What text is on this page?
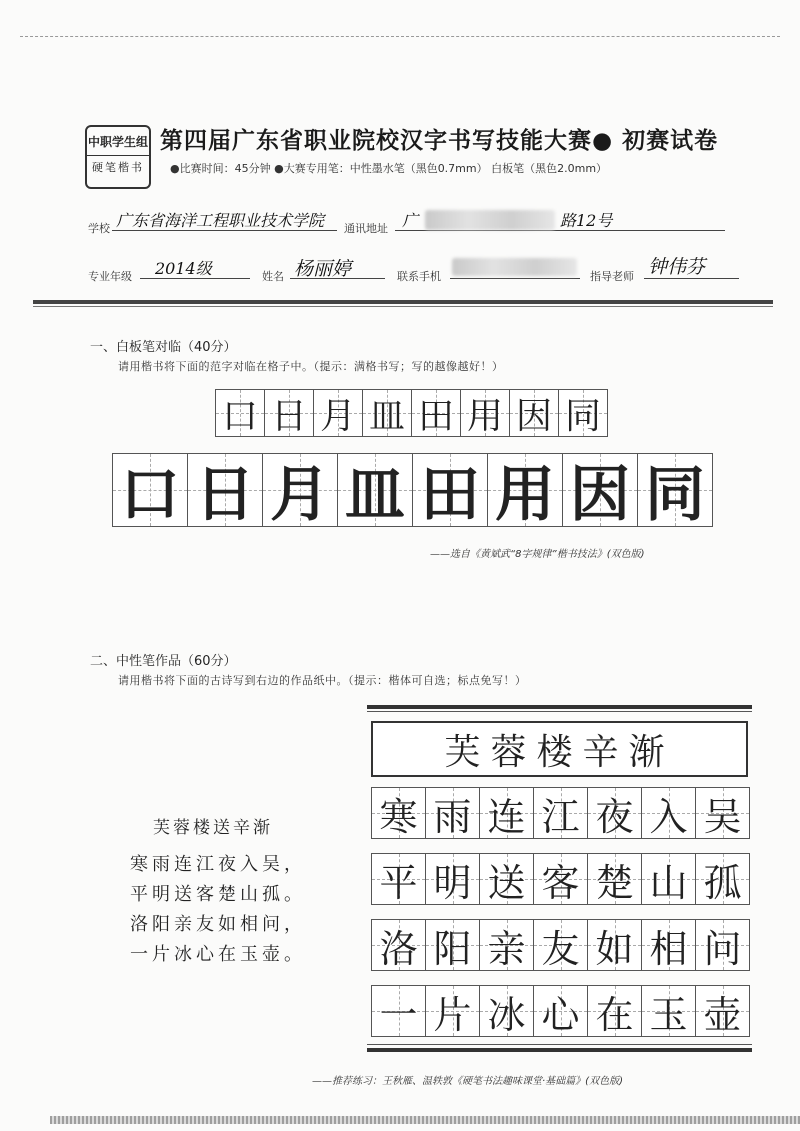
中职学生组
硬笔楷书
第四届广东省职业院校汉字书写技能大赛● 初赛试卷
●比赛时间：45分钟 ●大赛专用笔：中性墨水笔（黑色0.7mm） 白板笔（黑色2.0mm）
学校 广东省海洋工程职业技术学院 通讯地址 广	路12号
专业年级 2014级	姓名 杨丽婷	联系手机	指导老师 钟伟芬
一、白板笔对临（40分）
请用楷书将下面的范字对临在格子中。（提示：满格书写；写的越像越好！）
口 日 月 皿 田 用 因 同
口 日 月 皿 田 用 因 同
——选自《黄斌武“8字规律”楷书技法》(双色版)
二、中性笔作品（60分）
请用楷书将下面的古诗写到右边的作品纸中。（提示：楷体可自选；标点免写！）
芙蓉楼送辛渐
寒雨连江夜入吴，
平明送客楚山孤。
洛阳亲友如相问，
一片冰心在玉壶。
芙蓉楼辛渐
寒 雨 连 江 夜 入 吴
平 明 送 客 楚 山 孤
洛 阳 亲 友 如 相 问
一 片 冰 心 在 玉 壶
——推荐练习：王秋雁、温轶敦《硬笔书法趣味课堂·基础篇》(双色版)
